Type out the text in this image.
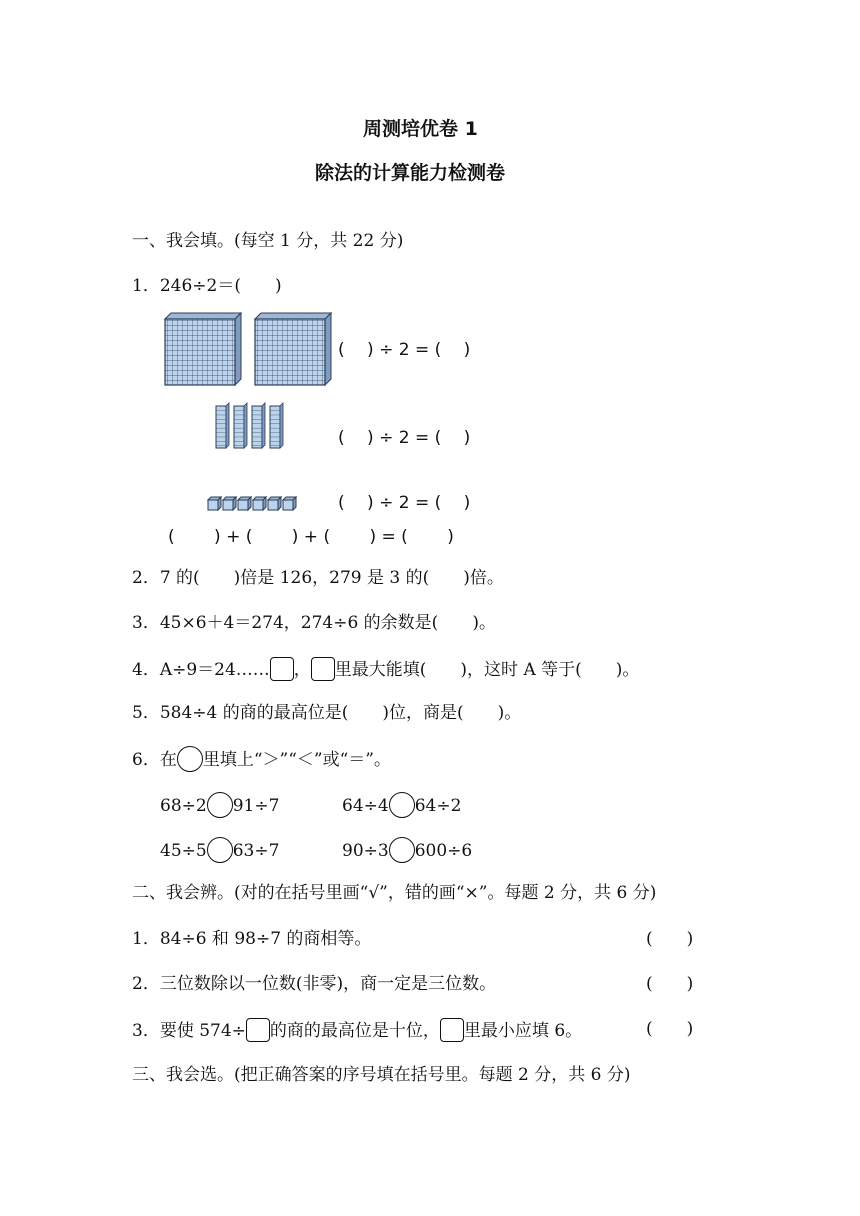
周测培优卷 1
除法的计算能力检测卷
一、我会填。(每空 1 分，共 22 分)
1．246÷2＝(　　)
(　 ) ÷ 2 = (　 )
(　 ) ÷ 2 = (　 )
(　 ) ÷ 2 = (　 )
(　　 ) + (　　 ) + (　　 ) = (　　 )
2．7 的(　　)倍是 126，279 是 3 的(　　)倍。
3．45×6＋4＝274，274÷6 的余数是(　　)。
4．A÷9＝24…… ， 里最大能填(　　)，这时 A 等于(　　)。
5．584÷4 的商的最高位是(　　)位，商是(　　)。
6．在 里填上“＞”“＜”或“＝”。
68÷2 91÷7	64÷4 64÷2
45÷5 63÷7	90÷3 600÷6
二、我会辨。(对的在括号里画“√”，错的画“×”。每题 2 分，共 6 分)
1．84÷6 和 98÷7 的商相等。	(　　)
2．三位数除以一位数(非零)，商一定是三位数。	(　　)
3．要使 574÷ 的商的最高位是十位， 里最小应填 6。	(　　)
三、我会选。(把正确答案的序号填在括号里。每题 2 分，共 6 分)
